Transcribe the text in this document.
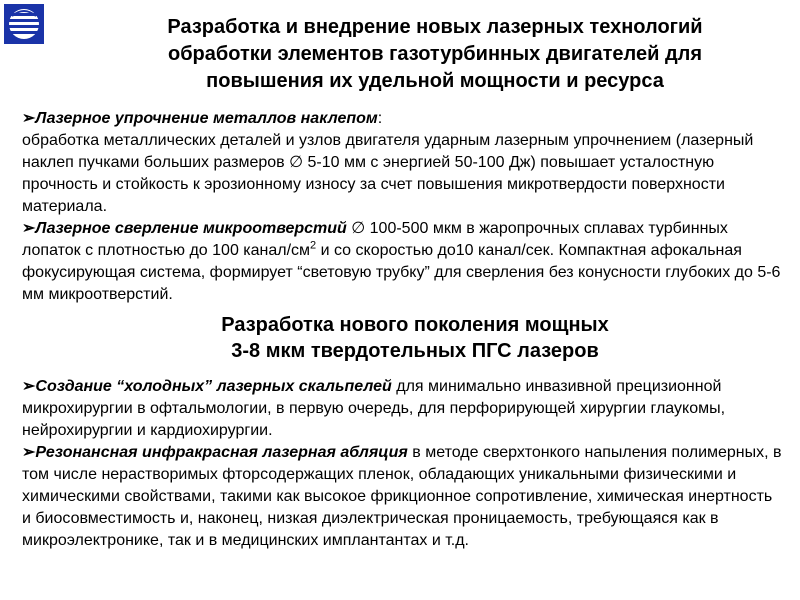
Разработка и внедрение новых лазерных технологий
обработки элементов газотурбинных двигателей для
повышения их удельной мощности и ресурса

➢Лазерное упрочнение металлов наклепом:
обработка металлических деталей и узлов двигателя ударным лазерным упрочнением (лазерный наклеп пучками больших размеров ∅ 5-10 мм с энергией 50-100 Дж) повышает усталостную прочность и стойкость к эрозионному износу за счет повышения микротвердости поверхности материала.

➢Лазерное сверление микроотверстий ∅ 100-500 мкм в жаропрочных сплавах турбинных лопаток с плотностью до 100 канал/$см^2$ и со скоростью до10 канал/сек. Компактная афокальная фокусирующая система, формирует “световую трубку” для сверления без конусности глубоких до 5-6 мм микроотверстий.

Разработка нового поколения мощных
3-8 мкм твердотельных ПГС лазеров

➢Создание “холодных” лазерных скальпелей для минимально инвазивной прецизионной микрохирургии в офтальмологии, в первую очередь, для перфорирующей хирургии глаукомы, нейрохирургии и кардиохирургии.

➢Резонансная инфракрасная лазерная абляция в методе сверхтонкого напыления полимерных, в том числе нерастворимых фторсодержащих пленок, обладающих уникальными физическими и химическими свойствами, такими как высокое фрикционное сопротивление, химическая инертность и биосовместимость и, наконец, низкая диэлектрическая проницаемость, требующаяся как в микроэлектронике, так и в медицинских имплантантах и т.д.
